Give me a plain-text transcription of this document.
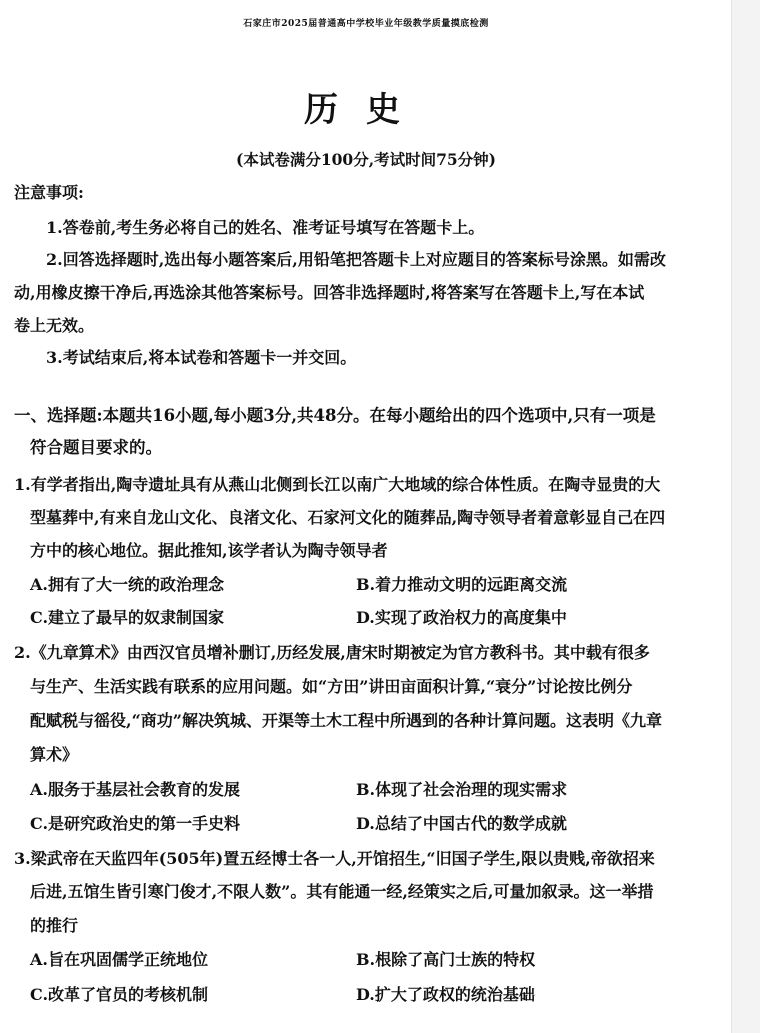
石家庄市2025届普通高中学校毕业年级教学质量摸底检测
历史
(本试卷满分100分,考试时间75分钟)
注意事项:
1.答卷前,考生务必将自己的姓名、准考证号填写在答题卡上。
2.回答选择题时,选出每小题答案后,用铅笔把答题卡上对应题目的答案标号涂黑。如需改
动,用橡皮擦干净后,再选涂其他答案标号。回答非选择题时,将答案写在答题卡上,写在本试
卷上无效。
3.考试结束后,将本试卷和答题卡一并交回。
一、选择题:本题共16小题,每小题3分,共48分。在每小题给出的四个选项中,只有一项是
符合题目要求的。
1.有学者指出,陶寺遗址具有从燕山北侧到长江以南广大地域的综合体性质。在陶寺显贵的大
型墓葬中,有来自龙山文化、良渚文化、石家河文化的随葬品,陶寺领导者着意彰显自己在四
方中的核心地位。据此推知,该学者认为陶寺领导者
A.拥有了大一统的政治理念	B.着力推动文明的远距离交流
C.建立了最早的奴隶制国家	D.实现了政治权力的高度集中
2.《九章算术》由西汉官员增补删订,历经发展,唐宋时期被定为官方教科书。其中载有很多
与生产、生活实践有联系的应用问题。如“方田”讲田亩面积计算,“衰分”讨论按比例分
配赋税与徭役,“商功”解决筑城、开渠等土木工程中所遇到的各种计算问题。这表明《九章
算术》
A.服务于基层社会教育的发展	B.体现了社会治理的现实需求
C.是研究政治史的第一手史料	D.总结了中国古代的数学成就
3.梁武帝在天监四年(505年)置五经博士各一人,开馆招生,“旧国子学生,限以贵贱,帝欲招来
后进,五馆生皆引寒门俊才,不限人数”。其有能通一经,经策实之后,可量加叙录。这一举措
的推行
A.旨在巩固儒学正统地位	B.根除了高门士族的特权
C.改革了官员的考核机制	D.扩大了政权的统治基础
